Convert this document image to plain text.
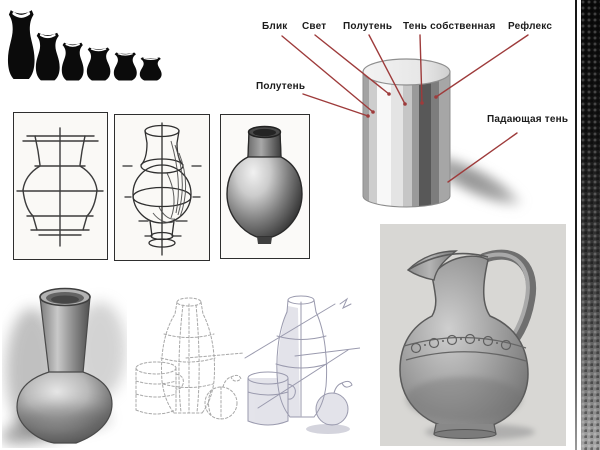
Блик Свет Полутень Тень собственная Рефлекс
Полутень
Падающая тень
